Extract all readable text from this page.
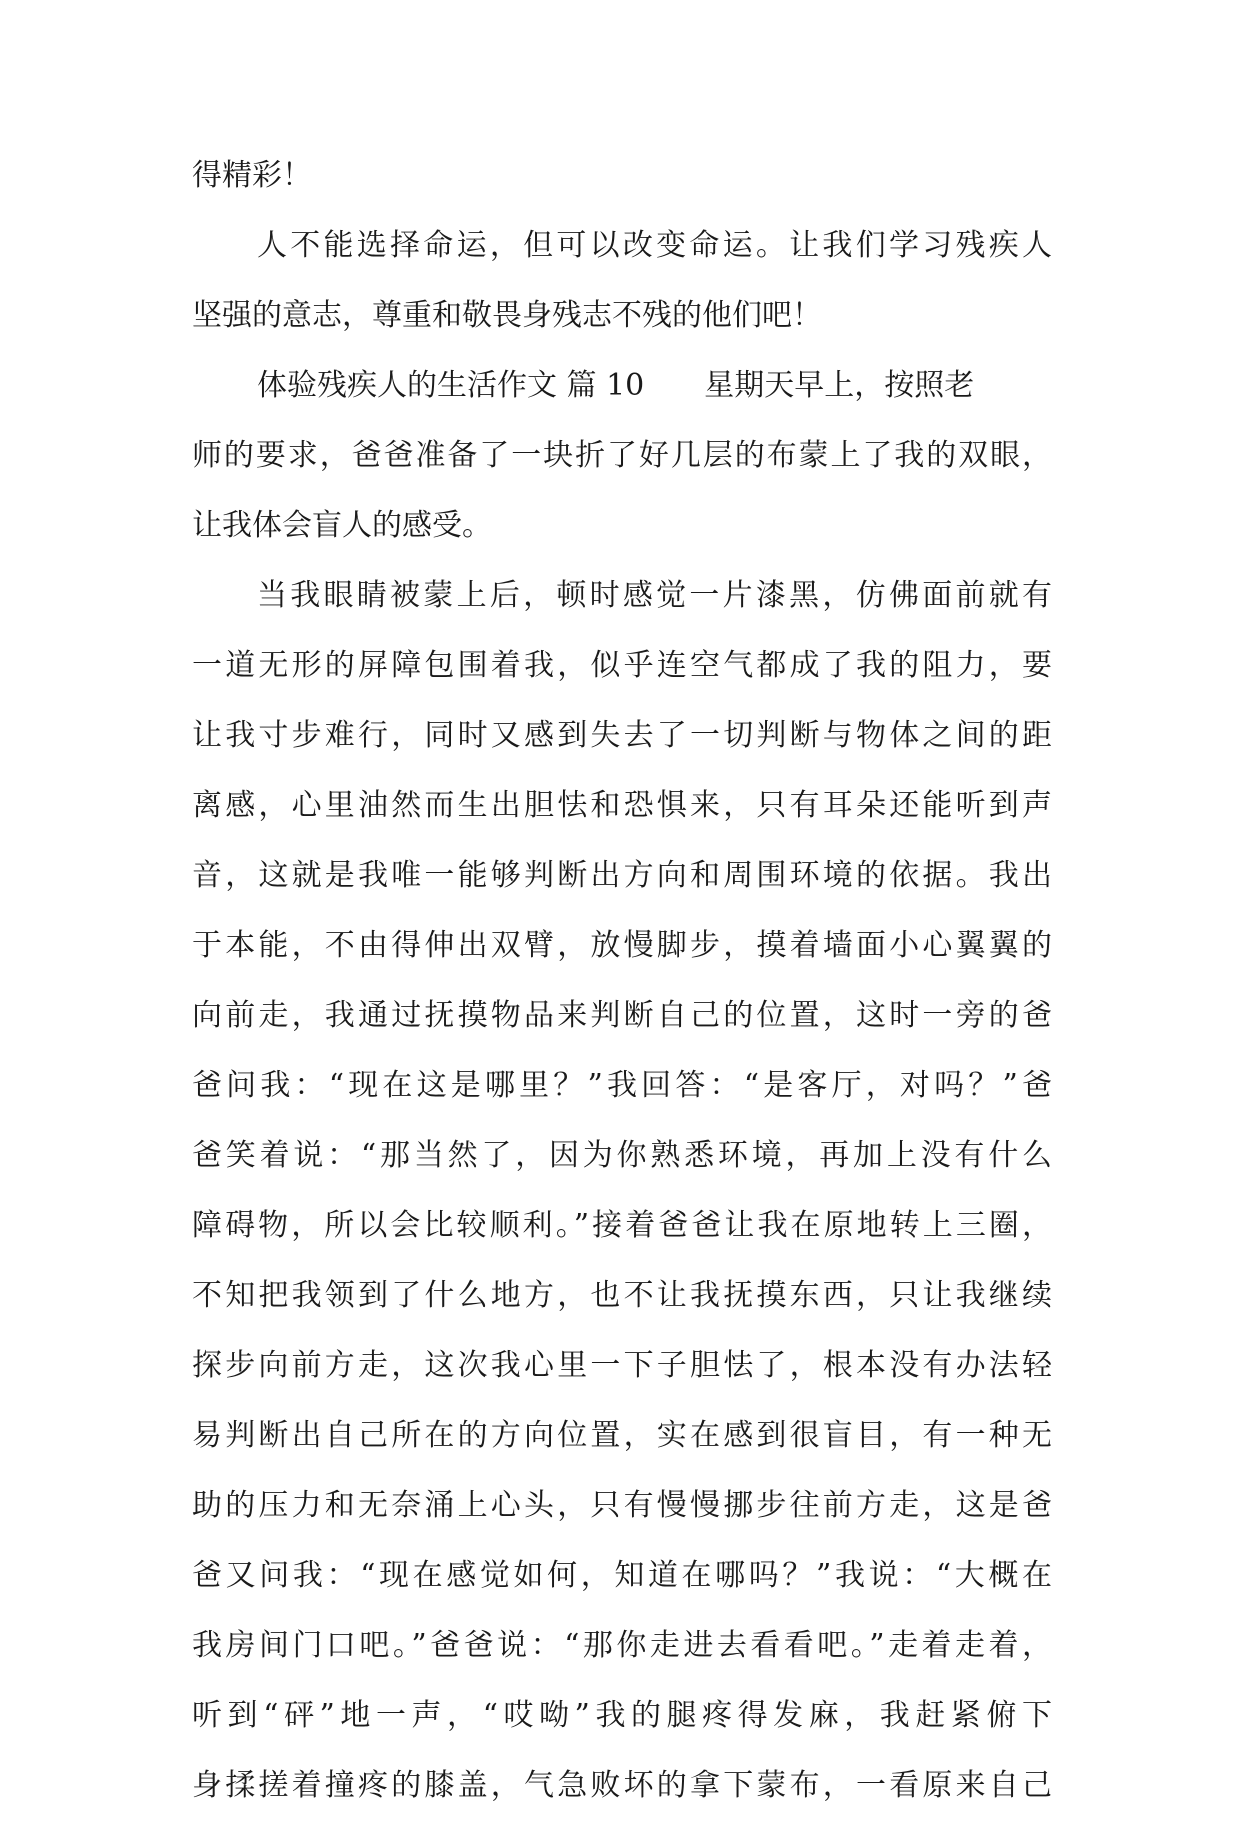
得精彩！
人不能选择命运，但可以改变命运。让我们学习残疾人
坚强的意志，尊重和敬畏身残志不残的他们吧！
体验残疾人的生活作文 篇 10 星期天早上，按照老
师的要求，爸爸准备了一块折了好几层的布蒙上了我的双眼，
让我体会盲人的感受。
当我眼睛被蒙上后，顿时感觉一片漆黑，仿佛面前就有
一道无形的屏障包围着我，似乎连空气都成了我的阻力，要
让我寸步难行，同时又感到失去了一切判断与物体之间的距
离感，心里油然而生出胆怯和恐惧来，只有耳朵还能听到声
音，这就是我唯一能够判断出方向和周围环境的依据。我出
于本能，不由得伸出双臂，放慢脚步，摸着墙面小心翼翼的
向前走，我通过抚摸物品来判断自己的位置，这时一旁的爸
爸问我：“现在这是哪里？”我回答：“是客厅，对吗？”爸
爸笑着说：“那当然了，因为你熟悉环境，再加上没有什么
障碍物，所以会比较顺利。”接着爸爸让我在原地转上三圈，
不知把我领到了什么地方，也不让我抚摸东西，只让我继续
探步向前方走，这次我心里一下子胆怯了，根本没有办法轻
易判断出自己所在的方向位置，实在感到很盲目，有一种无
助的压力和无奈涌上心头，只有慢慢挪步往前方走，这是爸
爸又问我：“现在感觉如何，知道在哪吗？”我说：“大概在
我房间门口吧。”爸爸说：“那你走进去看看吧。”走着走着，
听到“砰”地一声，“哎呦”我的腿疼得发麻，我赶紧俯下
身揉搓着撞疼的膝盖，气急败坏的拿下蒙布，一看原来自己
